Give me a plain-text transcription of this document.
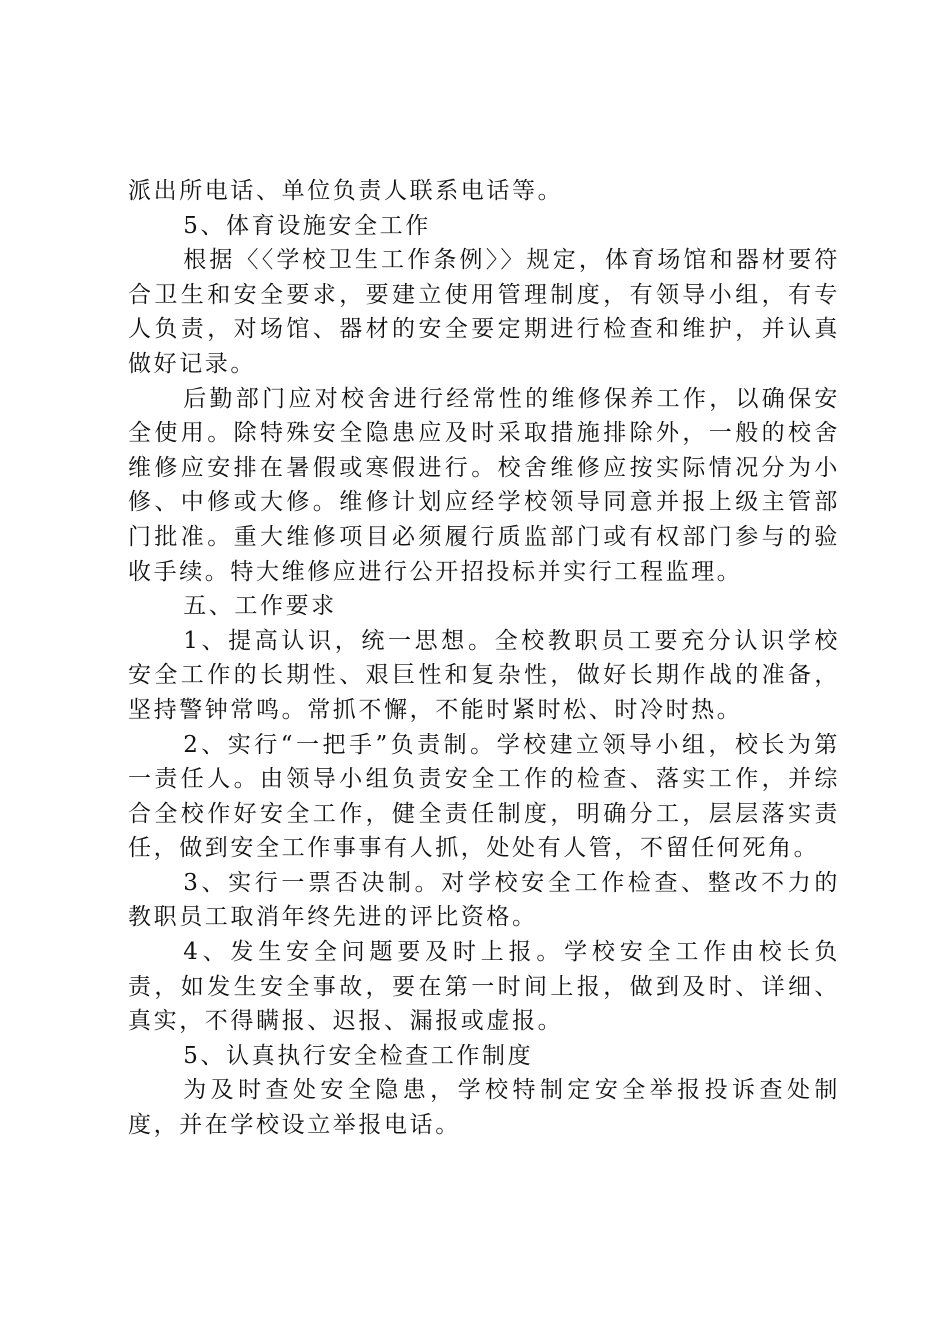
派出所电话、单位负责人联系电话等。

5、体育设施安全工作

根据〈〈学校卫生工作条例〉〉规定，体育场馆和器材要符合卫生和安全要求，要建立使用管理制度，有领导小组，有专人负责，对场馆、器材的安全要定期进行检查和维护，并认真做好记录。

后勤部门应对校舍进行经常性的维修保养工作，以确保安全使用。除特殊安全隐患应及时采取措施排除外，一般的校舍维修应安排在暑假或寒假进行。校舍维修应按实际情况分为小修、中修或大修。维修计划应经学校领导同意并报上级主管部门批准。重大维修项目必须履行质监部门或有权部门参与的验收手续。特大维修应进行公开招投标并实行工程监理。

五、工作要求

1、提高认识，统一思想。全校教职员工要充分认识学校安全工作的长期性、艰巨性和复杂性，做好长期作战的准备，坚持警钟常鸣。常抓不懈，不能时紧时松、时冷时热。

2、实行“一把手”负责制。学校建立领导小组，校长为第一责任人。由领导小组负责安全工作的检查、落实工作，并综合全校作好安全工作，健全责任制度，明确分工，层层落实责任，做到安全工作事事有人抓，处处有人管，不留任何死角。

3、实行一票否决制。对学校安全工作检查、整改不力的教职员工取消年终先进的评比资格。

4、发生安全问题要及时上报。学校安全工作由校长负责，如发生安全事故，要在第一时间上报，做到及时、详细、真实，不得瞒报、迟报、漏报或虚报。

5、认真执行安全检查工作制度

为及时查处安全隐患，学校特制定安全举报投诉查处制度，并在学校设立举报电话。
